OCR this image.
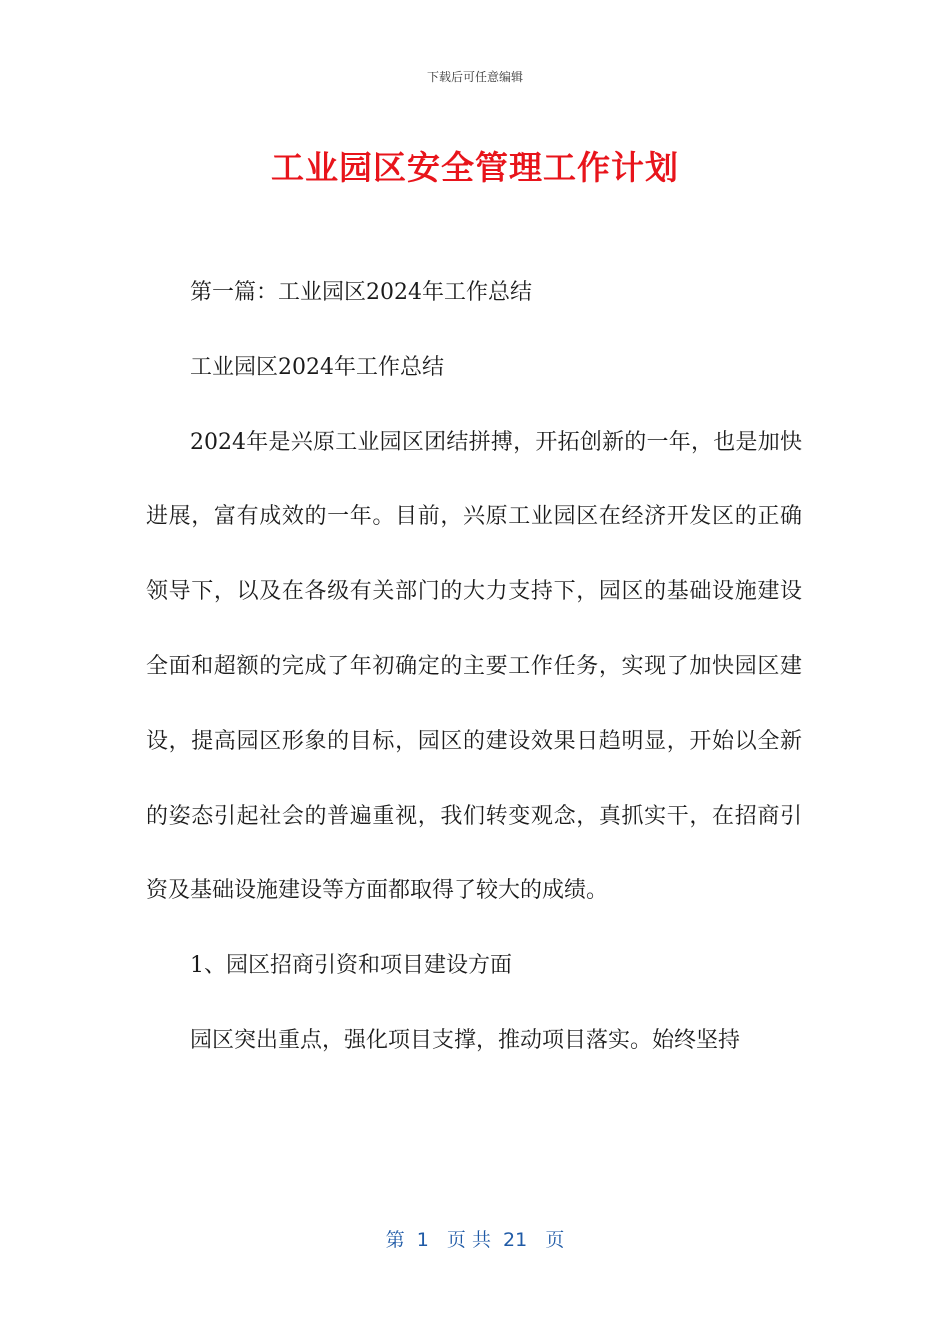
下载后可任意编辑
工业园区安全管理工作计划

第一篇：工业园区2024年工作总结

工业园区2024年工作总结

2024年是兴原工业园区团结拼搏，开拓创新的一年，也是加快进展，富有成效的一年。目前，兴原工业园区在经济开发区的正确领导下，以及在各级有关部门的大力支持下，园区的基础设施建设全面和超额的完成了年初确定的主要工作任务，实现了加快园区建设，提高园区形象的目标，园区的建设效果日趋明显，开始以全新的姿态引起社会的普遍重视，我们转变观念，真抓实干，在招商引资及基础设施建设等方面都取得了较大的成绩。

1、园区招商引资和项目建设方面

园区突出重点，强化项目支撑，推动项目落实。始终坚持

第  1   页 共  21   页
